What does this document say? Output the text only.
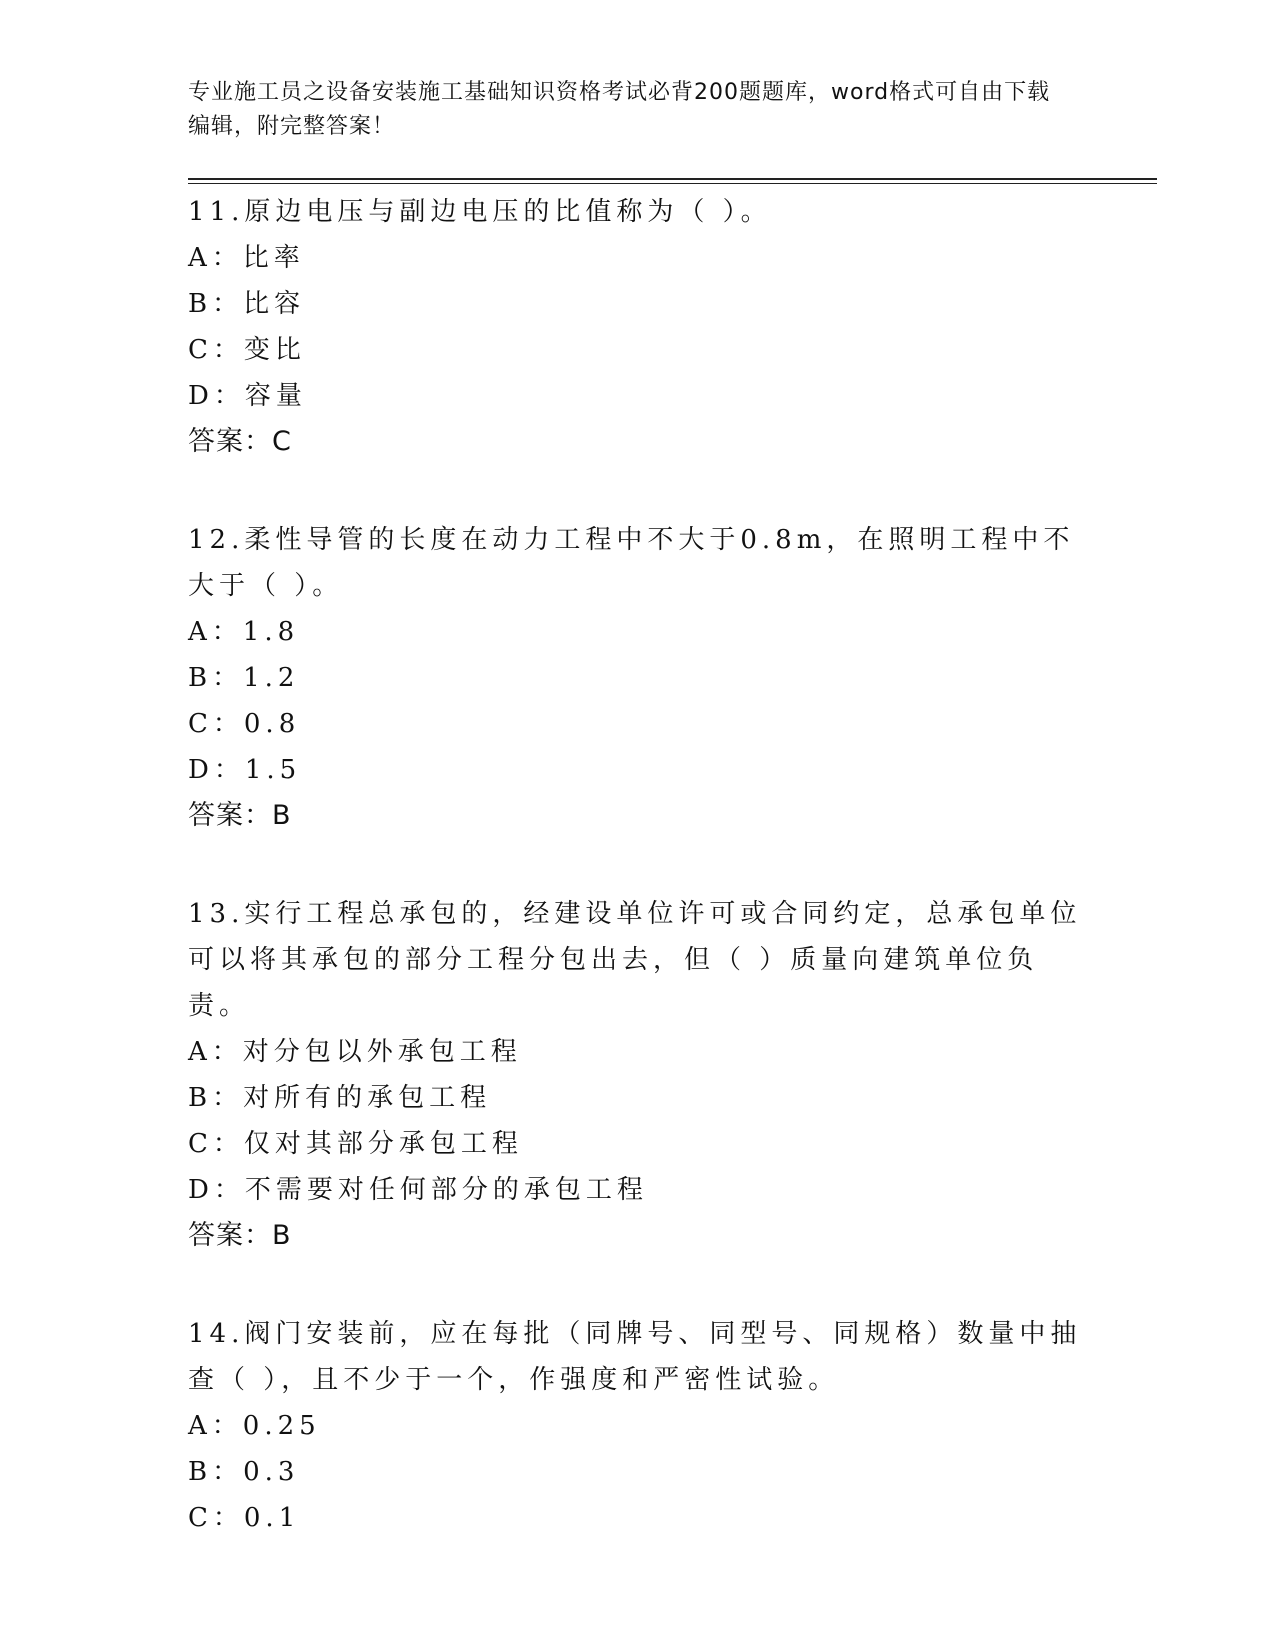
专业施工员之设备安装施工基础知识资格考试必背200题题库，word格式可自由下载编辑，附完整答案！

11.原边电压与副边电压的比值称为（ ）。

A：比率

B：比容

C：变比

D：容量

答案：C

12.柔性导管的长度在动力工程中不大于0.8m，在照明工程中不大于（ ）。

A：1.8

B：1.2

C：0.8

D：1.5

答案：B

13.实行工程总承包的，经建设单位许可或合同约定，总承包单位可以将其承包的部分工程分包出去，但（ ）质量向建筑单位负责。

A：对分包以外承包工程

B：对所有的承包工程

C：仅对其部分承包工程

D：不需要对任何部分的承包工程

答案：B

14.阀门安装前，应在每批（同牌号、同型号、同规格）数量中抽查（ ），且不少于一个，作强度和严密性试验。

A：0.25

B：0.3

C：0.1
